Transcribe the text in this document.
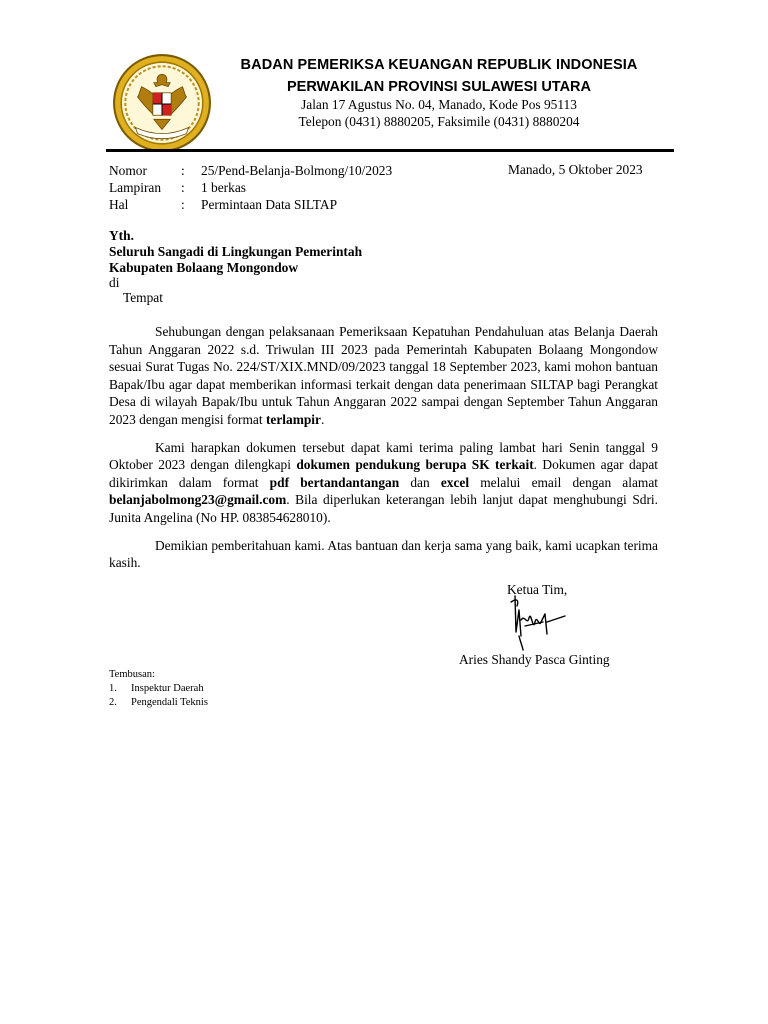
BADAN PEMERIKSA KEUANGAN REPUBLIK INDONESIA
PERWAKILAN PROVINSI SULAWESI UTARA
Jalan 17 Agustus No. 04, Manado, Kode Pos 95113
Telepon (0431) 8880205, Faksimile (0431) 8880204
Nomor	: 25/Pend-Belanja-Bolmong/10/2023
Lampiran : 1 berkas
Hal	: Permintaan Data SILTAP
Manado, 5 Oktober 2023
Yth.
Seluruh Sangadi di Lingkungan Pemerintah
Kabupaten Bolaang Mongondow
di
Tempat

Sehubungan dengan pelaksanaan Pemeriksaan Kepatuhan Pendahuluan atas Belanja Daerah Tahun Anggaran 2022 s.d. Triwulan III 2023 pada Pemerintah Kabupaten Bolaang Mongondow sesuai Surat Tugas No. 224/ST/XIX.MND/09/2023 tanggal 18 September 2023, kami mohon bantuan Bapak/Ibu agar dapat memberikan informasi terkait dengan data penerimaan SILTAP bagi Perangkat Desa di wilayah Bapak/Ibu untuk Tahun Anggaran 2022 sampai dengan September Tahun Anggaran 2023 dengan mengisi format terlampir.

Kami harapkan dokumen tersebut dapat kami terima paling lambat hari Senin tanggal 9 Oktober 2023 dengan dilengkapi dokumen pendukung berupa SK terkait. Dokumen agar dapat dikirimkan dalam format pdf bertandantangan dan excel melalui email dengan alamat belanjabolmong23@gmail.com. Bila diperlukan keterangan lebih lanjut dapat menghubungi Sdri. Junita Angelina (No HP. 083854628010).

Demikian pemberitahuan kami. Atas bantuan dan kerja sama yang baik, kami ucapkan terima kasih.

Ketua Tim,
Aries Shandy Pasca Ginting
Tembusan:
1. Inspektur Daerah
2. Pengendali Teknis
